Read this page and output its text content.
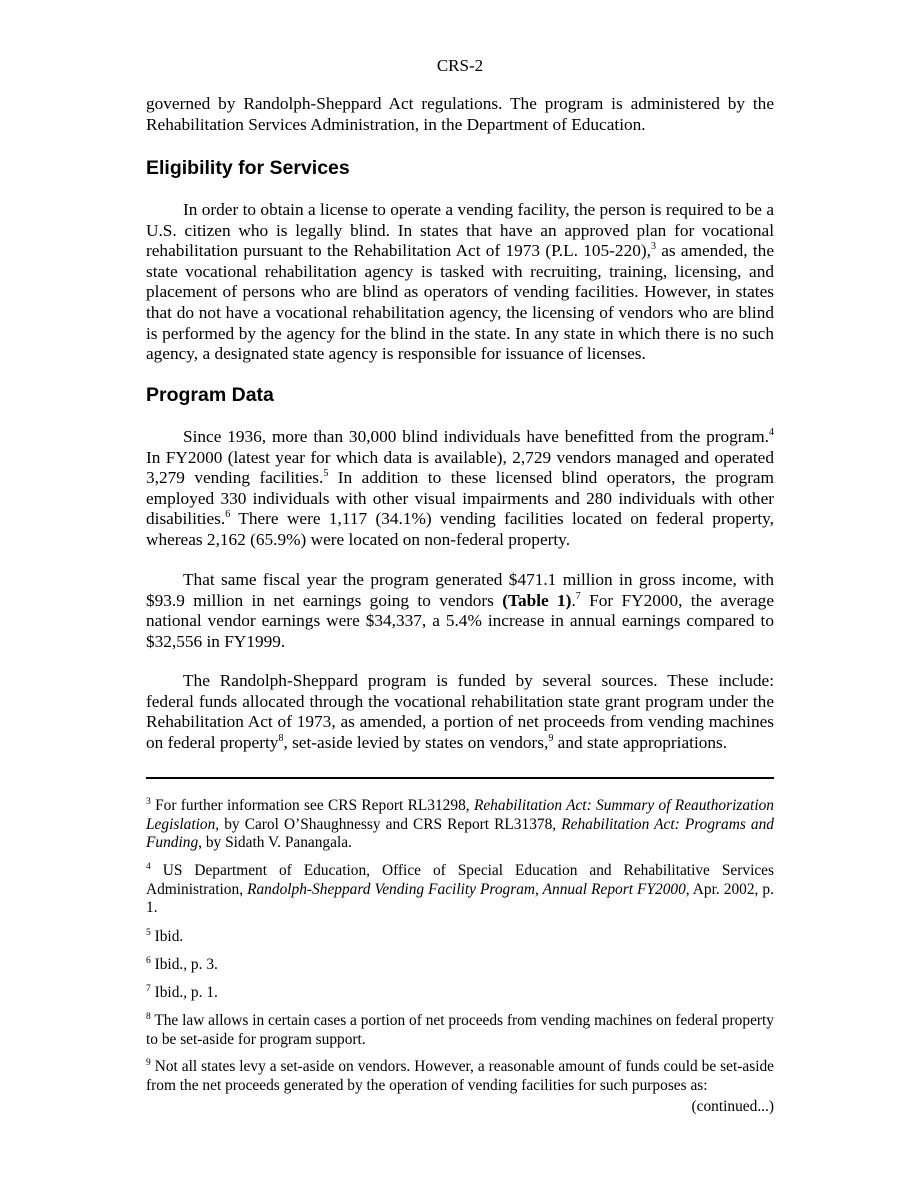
CRS-2

governed by Randolph-Sheppard Act regulations. The program is administered by the Rehabilitation Services Administration, in the Department of Education.

Eligibility for Services

In order to obtain a license to operate a vending facility, the person is required to be a U.S. citizen who is legally blind. In states that have an approved plan for vocational rehabilitation pursuant to the Rehabilitation Act of 1973 (P.L. 105-220),$^3$ as amended, the state vocational rehabilitation agency is tasked with recruiting, training, licensing, and placement of persons who are blind as operators of vending facilities. However, in states that do not have a vocational rehabilitation agency, the licensing of vendors who are blind is performed by the agency for the blind in the state. In any state in which there is no such agency, a designated state agency is responsible for issuance of licenses.

Program Data

Since 1936, more than 30,000 blind individuals have benefitted from the program.$^4$ In FY2000 (latest year for which data is available), 2,729 vendors managed and operated 3,279 vending facilities.$^5$ In addition to these licensed blind operators, the program employed 330 individuals with other visual impairments and 280 individuals with other disabilities.$^6$ There were 1,117 (34.1%) vending facilities located on federal property, whereas 2,162 (65.9%) were located on non-federal property.

That same fiscal year the program generated $471.1 million in gross income, with $93.9 million in net earnings going to vendors (Table 1).$^7$ For FY2000, the average national vendor earnings were $34,337, a 5.4% increase in annual earnings compared to $32,556 in FY1999.

The Randolph-Sheppard program is funded by several sources. These include: federal funds allocated through the vocational rehabilitation state grant program under the Rehabilitation Act of 1973, as amended, a portion of net proceeds from vending machines on federal property$^8$, set-aside levied by states on vendors,$^9$ and state appropriations.

$^3$ For further information see CRS Report RL31298, Rehabilitation Act: Summary of Reauthorization Legislation, by Carol O’Shaughnessy and CRS Report RL31378, Rehabilitation Act: Programs and Funding, by Sidath V. Panangala.

$^4$ US Department of Education, Office of Special Education and Rehabilitative Services Administration, Randolph-Sheppard Vending Facility Program, Annual Report FY2000, Apr. 2002, p. 1.

$^5$ Ibid.

$^6$ Ibid., p. 3.

$^7$ Ibid., p. 1.

$^8$ The law allows in certain cases a portion of net proceeds from vending machines on federal property to be set-aside for program support.

$^9$ Not all states levy a set-aside on vendors. However, a reasonable amount of funds could be set-aside from the net proceeds generated by the operation of vending facilities for such purposes as:

(continued...)
